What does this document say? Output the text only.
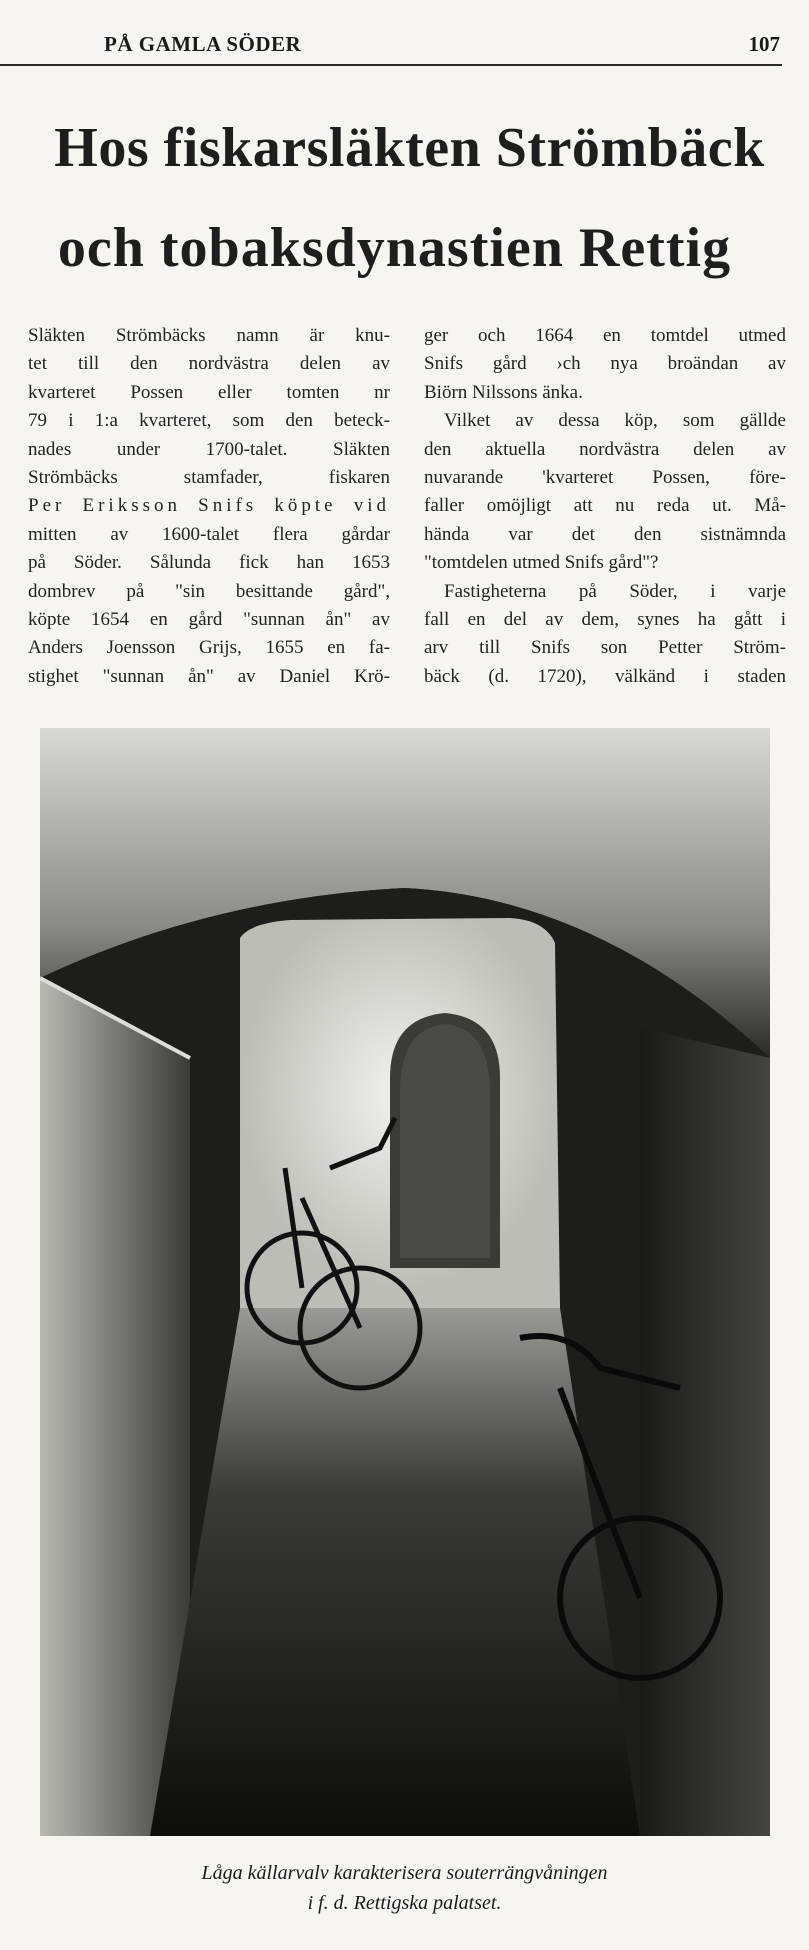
PÅ GAMLA SÖDER	107
Hos fiskarsläkten Strömbäck
och tobaksdynastien Rettig
Släkten Strömbäcks namn är knu-
tet till den nordvästra delen av
kvarteret Possen eller tomten nr
79 i 1:a kvarteret, som den beteck-
nades under 1700-talet. Släkten
Strömbäcks stamfader, fiskaren
Per Eriksson Snifs köpte vid
mitten av 1600-talet flera gårdar
på Söder. Sålunda fick han 1653
dombrev på "sin besittande gård",
köpte 1654 en gård "sunnan ån" av
Anders Joensson Grijs, 1655 en fa-
stighet "sunnan ån" av Daniel Krö-
ger och 1664 en tomtdel utmed
Snifs gård ›ch nya broändan av
Biörn Nilssons änka.
Vilket av dessa köp, som gällde
den aktuella nordvästra delen av
nuvarande 'kvarteret Possen, före-
faller omöjligt att nu reda ut. Må-
hända var det den sistnämnda
"tomtdelen utmed Snifs gård"?
Fastigheterna på Söder, i varje
fall en del av dem, synes ha gått i
arv till Snifs son Petter Ström-
bäck (d. 1720), välkänd i staden
Låga källarvalv karakterisera souterrängvåningen
i f. d. Rettigska palatset.
